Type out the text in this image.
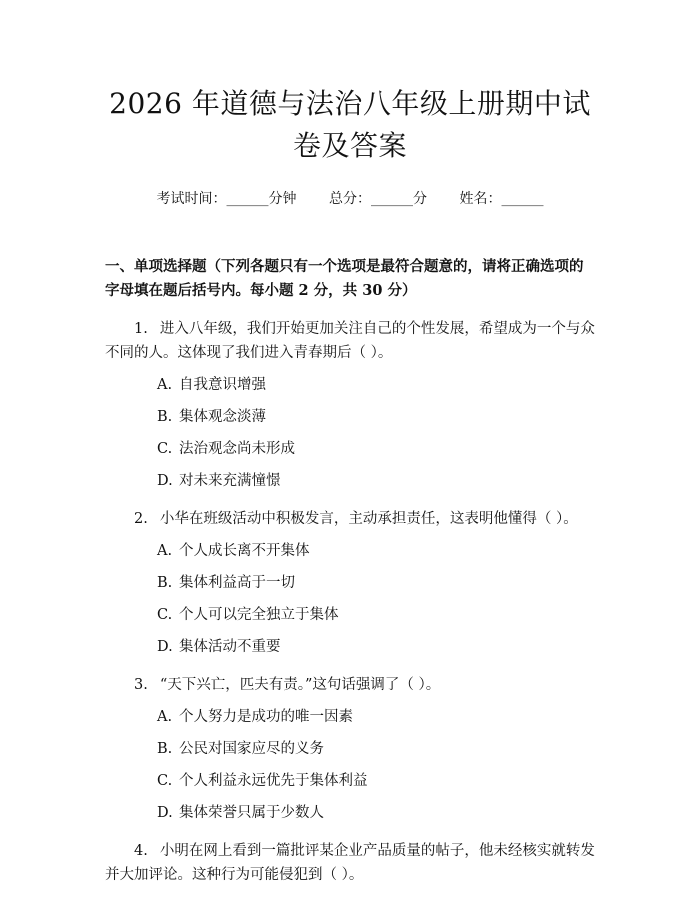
2026 年道德与法治八年级上册期中试卷及答案
考试时间：______分钟 总分：______分 姓名：______
一、单项选择题（下列各题只有一个选项是最符合题意的，请将正确选项的字母填在题后括号内。每小题 2 分，共 30 分）
1. 进入八年级，我们开始更加关注自己的个性发展，希望成为一个与众不同的人。这体现了我们进入青春期后（ ）。
A. 自我意识增强
B. 集体观念淡薄
C. 法治观念尚未形成
D. 对未来充满憧憬
2. 小华在班级活动中积极发言，主动承担责任，这表明他懂得（ ）。
A. 个人成长离不开集体
B. 集体利益高于一切
C. 个人可以完全独立于集体
D. 集体活动不重要
3. “天下兴亡，匹夫有责。”这句话强调了（ ）。
A. 个人努力是成功的唯一因素
B. 公民对国家应尽的义务
C. 个人利益永远优先于集体利益
D. 集体荣誉只属于少数人
4. 小明在网上看到一篇批评某企业产品质量的帖子，他未经核实就转发并大加评论。这种行为可能侵犯到（ ）。
